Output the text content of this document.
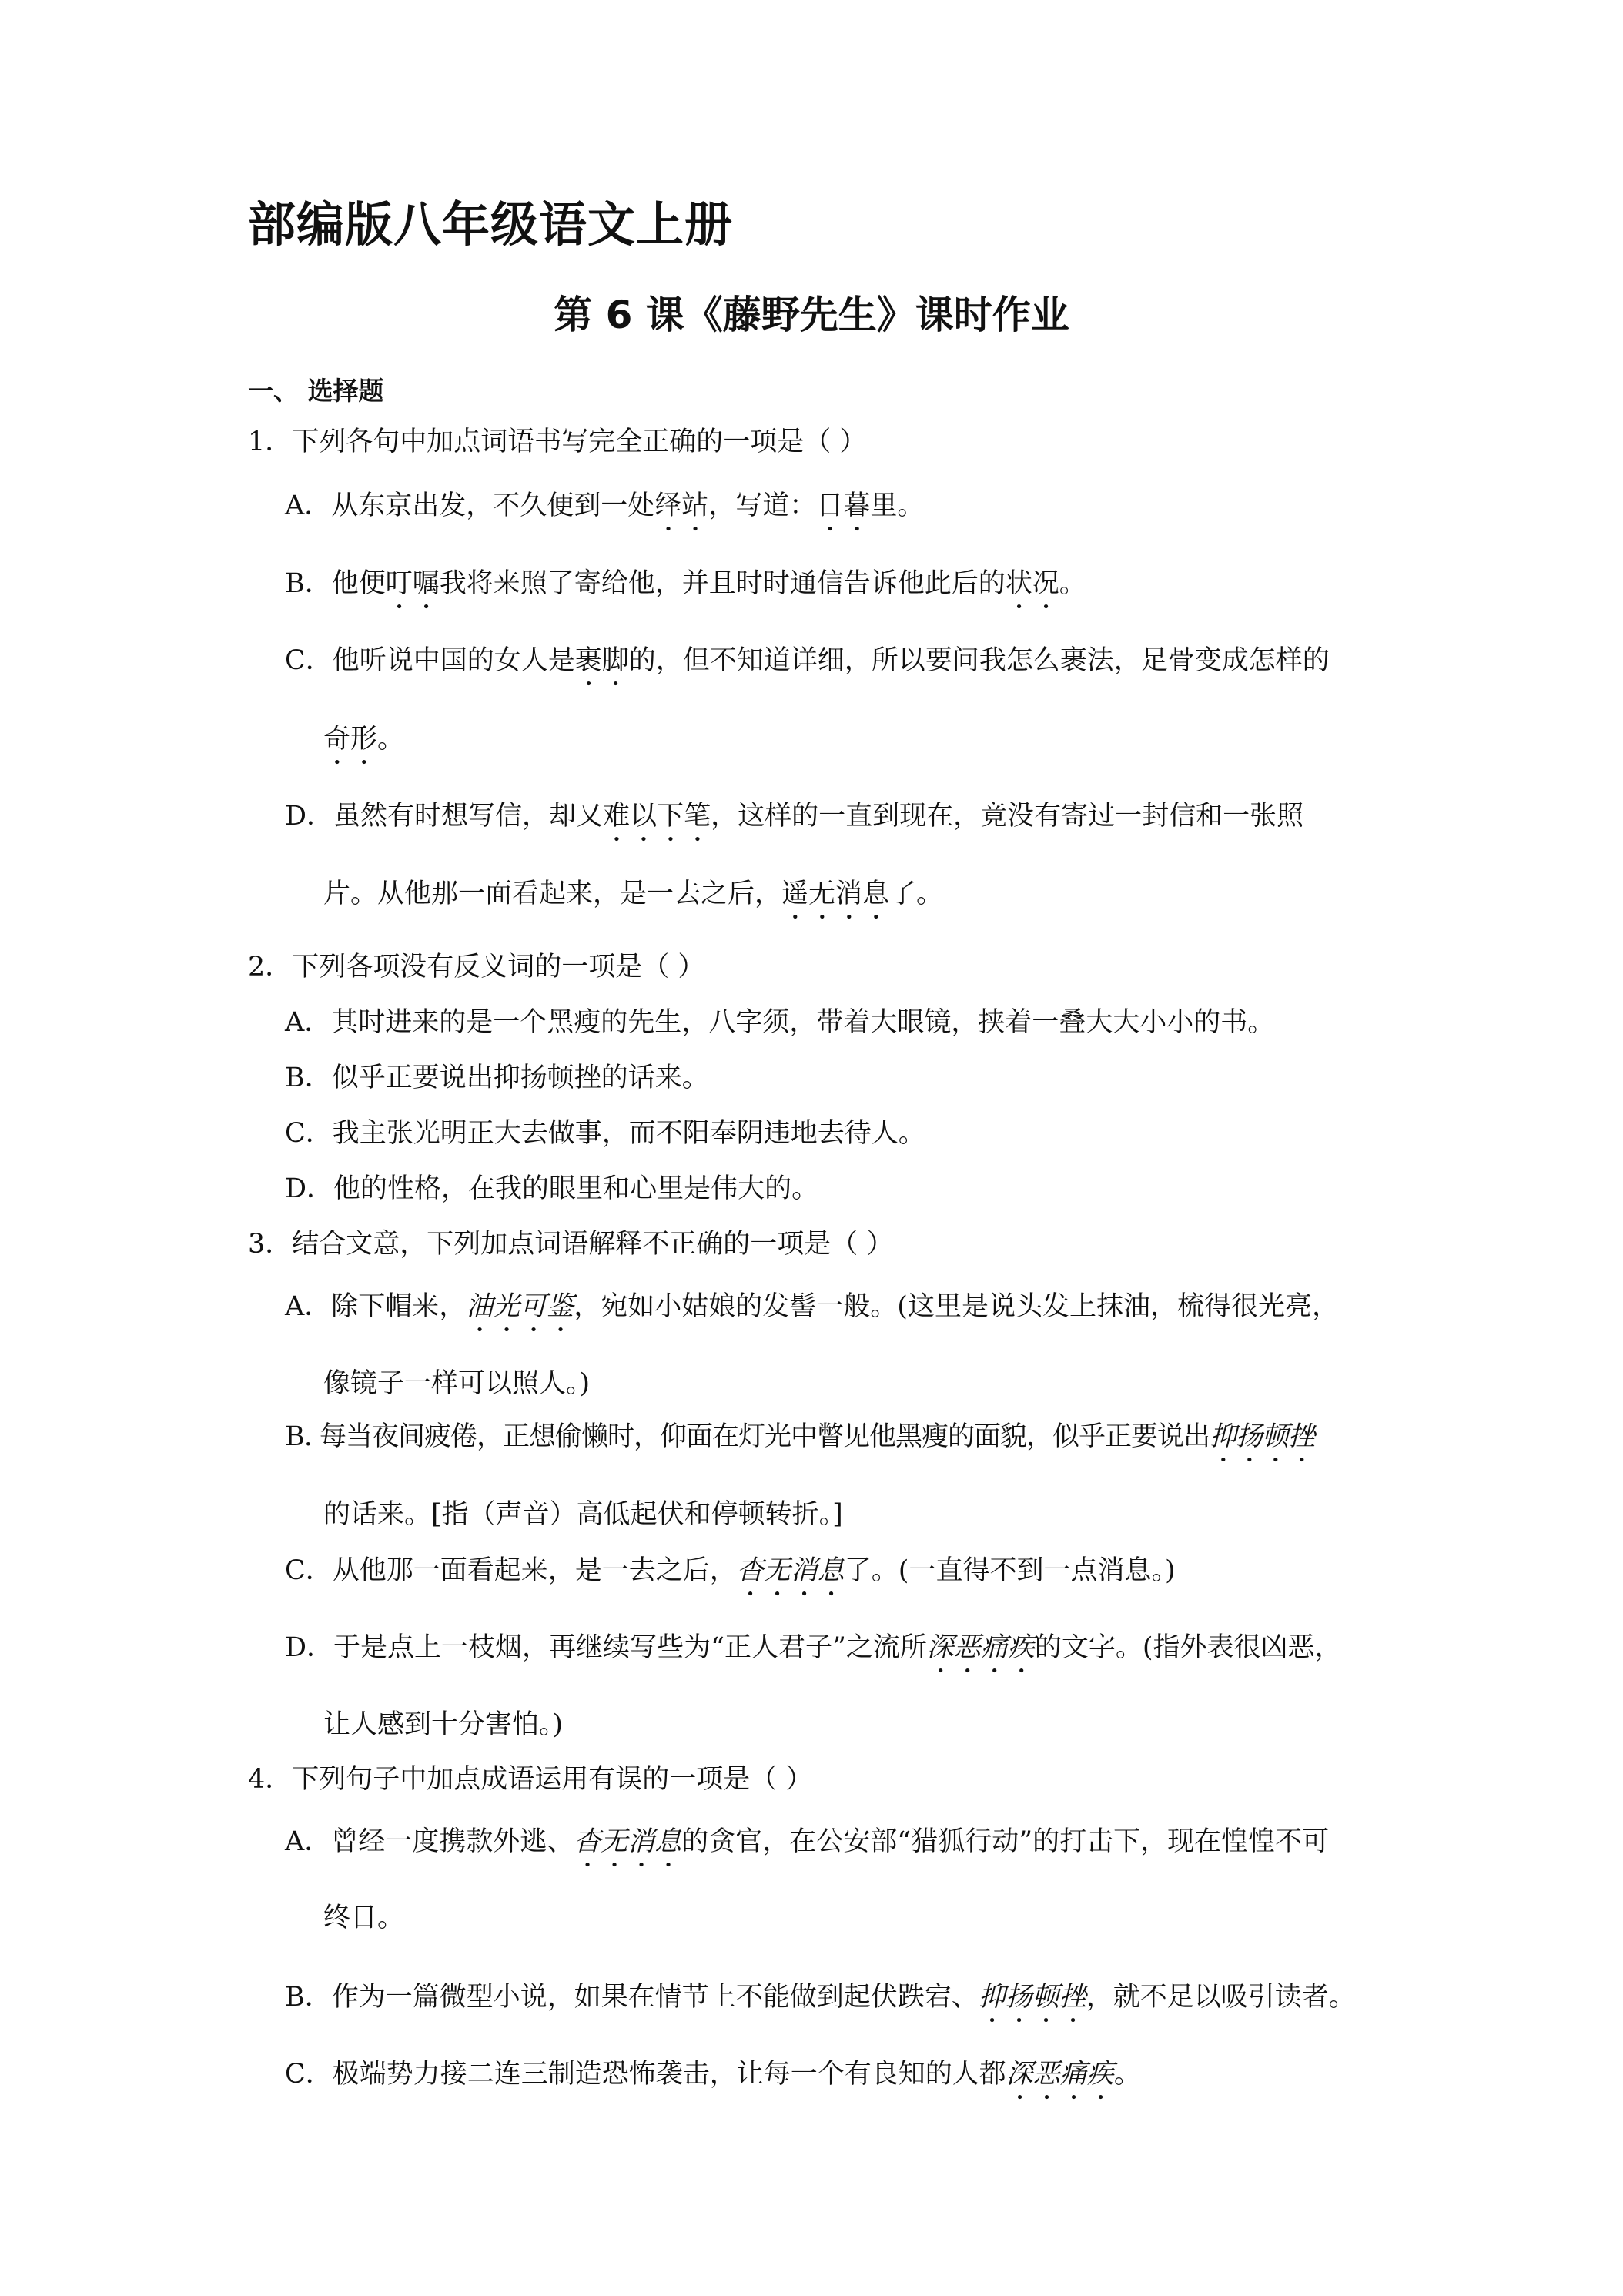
部编版八年级语文上册
第 6 课《藤野先生》课时作业
一、 选择题
1．下列各句中加点词语书写完全正确的一项是（ ）
A．从东京出发，不久便到一处绎站，写道：日暮里。
B．他便叮嘱我将来照了寄给他，并且时时通信告诉他此后的状况。
C．他听说中国的女人是裹脚的，但不知道详细，所以要问我怎么裹法，足骨变成怎样的
奇形。
D．虽然有时想写信，却又难以下笔，这样的一直到现在，竟没有寄过一封信和一张照
片。从他那一面看起来，是一去之后，遥无消息了。
2．下列各项没有反义词的一项是（ ）
A．其时进来的是一个黑瘦的先生，八字须，带着大眼镜，挟着一叠大大小小的书。
B．似乎正要说出抑扬顿挫的话来。
C．我主张光明正大去做事，而不阳奉阴违地去待人。
D．他的性格，在我的眼里和心里是伟大的。
3．结合文意，下列加点词语解释不正确的一项是（ ）
A．除下帽来，油光可鉴，宛如小姑娘的发髻一般。(这里是说头发上抹油，梳得很光亮，
像镜子一样可以照人。)
B. 每当夜间疲倦，正想偷懒时，仰面在灯光中瞥见他黑瘦的面貌，似乎正要说出抑扬顿挫
的话来。[指（声音）高低起伏和停顿转折。]
C．从他那一面看起来，是一去之后，杳无消息了。(一直得不到一点消息。)
D．于是点上一枝烟，再继续写些为“正人君子”之流所深恶痛疾的文字。(指外表很凶恶，
让人感到十分害怕。)
4．下列句子中加点成语运用有误的一项是（ ）
A．曾经一度携款外逃、杳无消息的贪官，在公安部“猎狐行动”的打击下，现在惶惶不可
终日。
B．作为一篇微型小说，如果在情节上不能做到起伏跌宕、抑扬顿挫，就不足以吸引读者。
C．极端势力接二连三制造恐怖袭击，让每一个有良知的人都深恶痛疾。
